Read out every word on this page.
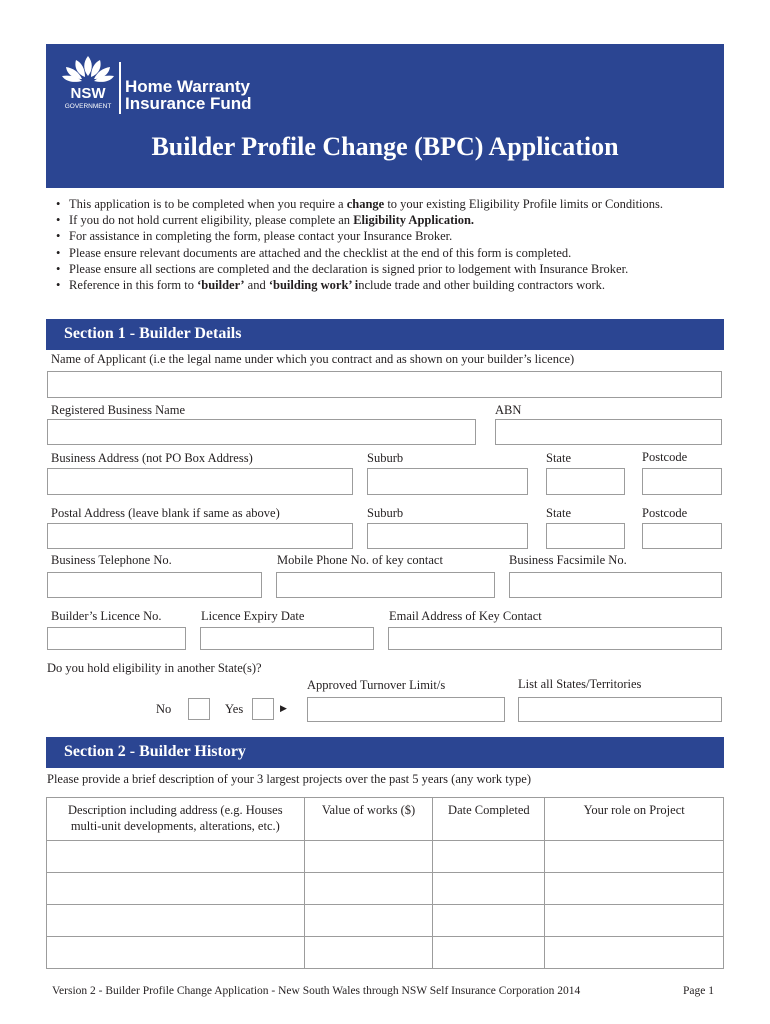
NSW
GOVERNMENT
Home Warranty
Insurance Fund
Builder Profile Change (BPC) Application
• This application is to be completed when you require a change to your existing Eligibility Profile limits or Conditions.
• If you do not hold current eligibility, please complete an Eligibility Application.
• For assistance in completing the form, please contact your Insurance Broker.
• Please ensure relevant documents are attached and the checklist at the end of this form is completed.
• Please ensure all sections are completed and the declaration is signed prior to lodgement with Insurance Broker.
• Reference in this form to ‘builder’ and ‘building work’ include trade and other building contractors work.
Section 1 - Builder Details
Name of Applicant (i.e the legal name under which you contract and as shown on your builder’s licence)
Registered Business Name	ABN
Business Address (not PO Box Address)	Suburb	State	Postcode
Postal Address (leave blank if same as above)	Suburb	State	Postcode
Business Telephone No.	Mobile Phone No. of key contact	Business Facsimile No.
Builder’s Licence No.	Licence Expiry Date	Email Address of Key Contact
Do you hold eligibility in another State(s)?
Approved Turnover Limit/s	List all States/Territories
No	Yes	▶
Section 2 - Builder History
Please provide a brief description of your 3 largest projects over the past 5 years (any work type)
Description including address (e.g. Houses multi-unit developments, alterations, etc.)	Value of works ($)	Date Completed	Your role on Project

Version 2 - Builder Profile Change Application - New South Wales through NSW Self Insurance Corporation 2014	Page 1
